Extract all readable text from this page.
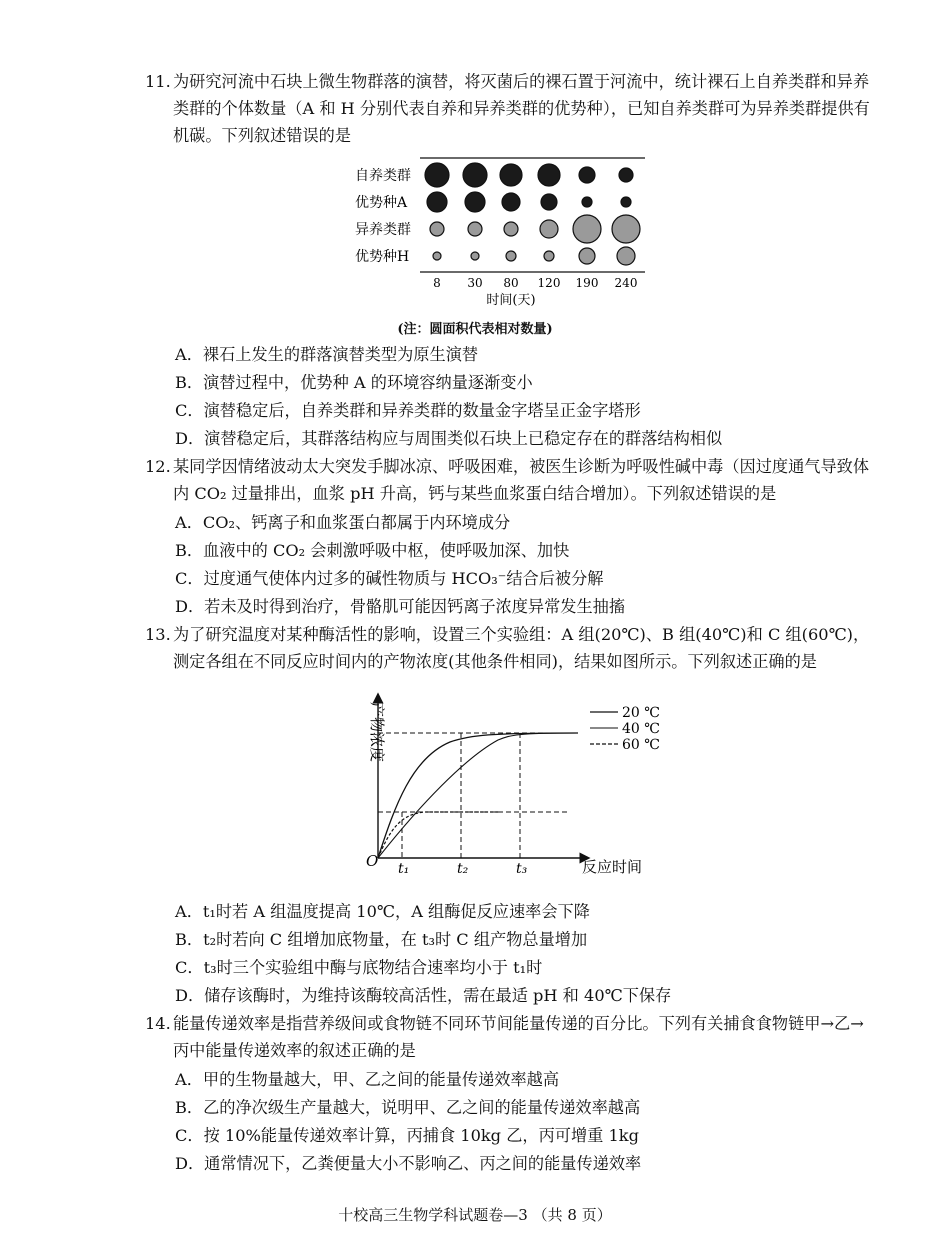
11. 为研究河流中石块上微生物群落的演替，将灭菌后的裸石置于河流中，统计裸石上自养类群和异养类群的个体数量（A 和 H 分别代表自养和异养类群的优势种），已知自养类群可为异养类群提供有机碳。下列叙述错误的是
自养类群
优势种A
异养类群
优势种H
8 30 80 120 190 240
时间(天)
(注：圆面积代表相对数量)
A．裸石上发生的群落演替类型为原生演替
B．演替过程中，优势种 A 的环境容纳量逐渐变小
C．演替稳定后，自养类群和异养类群的数量金字塔呈正金字塔形
D．演替稳定后，其群落结构应与周围类似石块上已稳定存在的群落结构相似
12. 某同学因情绪波动太大突发手脚冰凉、呼吸困难，被医生诊断为呼吸性碱中毒（因过度通气导致体内 CO₂ 过量排出，血浆 pH 升高，钙与某些血浆蛋白结合增加）。下列叙述错误的是
A．CO₂、钙离子和血浆蛋白都属于内环境成分
B．血液中的 CO₂ 会刺激呼吸中枢，使呼吸加深、加快
C．过度通气使体内过多的碱性物质与 HCO₃⁻结合后被分解
D．若未及时得到治疗，骨骼肌可能因钙离子浓度异常发生抽搐
13. 为了研究温度对某种酶活性的影响，设置三个实验组：A 组(20℃)、B 组(40℃)和 C 组(60℃)，测定各组在不同反应时间内的产物浓度(其他条件相同)，结果如图所示。下列叙述正确的是
产物浓度
O	反应时间
t₁	t₂	t₃
20 ℃
40 ℃
60 ℃
A．t₁时若 A 组温度提高 10℃，A 组酶促反应速率会下降
B．t₂时若向 C 组增加底物量，在 t₃时 C 组产物总量增加
C．t₃时三个实验组中酶与底物结合速率均小于 t₁时
D．储存该酶时，为维持该酶较高活性，需在最适 pH 和 40℃下保存
14. 能量传递效率是指营养级间或食物链不同环节间能量传递的百分比。下列有关捕食食物链甲→乙→丙中能量传递效率的叙述正确的是
A．甲的生物量越大，甲、乙之间的能量传递效率越高
B．乙的净次级生产量越大，说明甲、乙之间的能量传递效率越高
C．按 10%能量传递效率计算，丙捕食 10kg 乙，丙可增重 1kg
D．通常情况下，乙粪便量大小不影响乙、丙之间的能量传递效率
十校高三生物学科试题卷—3 （共 8 页）
